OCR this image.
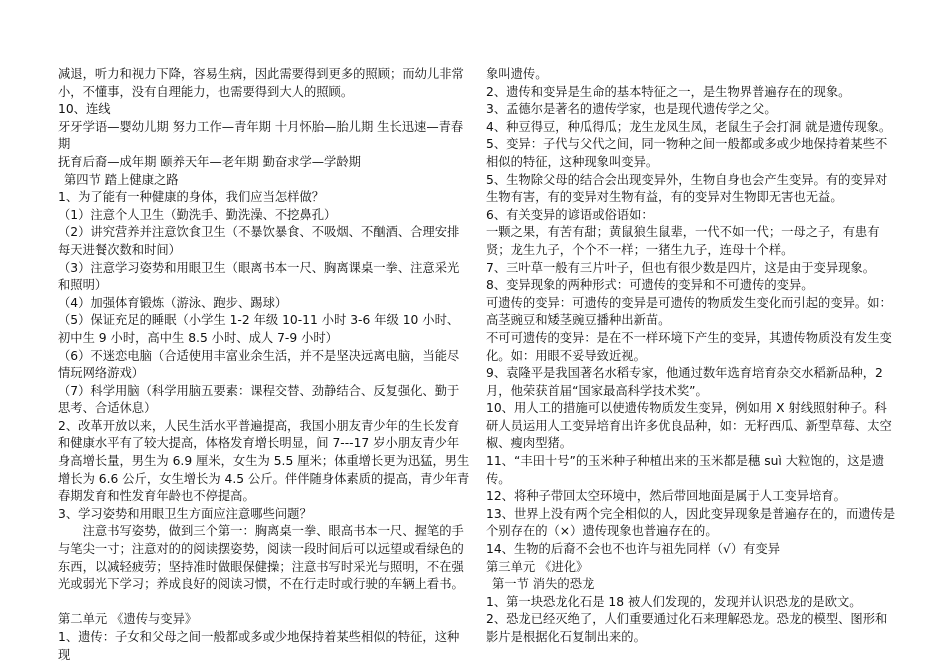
减退，听力和视力下降，容易生病，因此需要得到更多的照顾；而幼儿非常小，不懂事，没有自理能力，也需要得到大人的照顾。

10、连线

牙牙学语—婴幼儿期 努力工作—青年期 十月怀胎—胎儿期 生长迅速—青春期

抚育后裔—成年期 颐养天年—老年期 勤奋求学—学龄期

第四节 踏上健康之路

1、为了能有一种健康的身体，我们应当怎样做？

（1）注意个人卫生（勤洗手、勤洗澡、不挖鼻孔）

（2）讲究营养并注意饮食卫生（不暴饮暴食、不吸烟、不酗酒、合理安排每天进餐次数和时间）

（3）注意学习姿势和用眼卫生（眼离书本一尺、胸离课桌一拳、注意采光和照明）

（4）加强体育锻炼（游泳、跑步、踢球）

（5）保证充足的睡眠（小学生 1-2 年级 10-11 小时 3-6 年级 10 小时、初中生 9 小时，高中生 8.5 小时、成人 7-9 小时）

（6）不迷恋电脑（合适使用丰富业余生活，并不是坚决远离电脑，当能尽情玩网络游戏）

（7）科学用脑（科学用脑五要素：课程交替、劲静结合、反复强化、勤于思考、合适休息）

2、改革开放以来，人民生活水平普遍提高，我国小朋友青少年的生长发育和健康水平有了较大提高，体格发育增长明显，间 7---17 岁小朋友青少年身高增长量，男生为 6.9 厘米，女生为 5.5 厘米；体重增长更为迅猛，男生增长为 6.6 公斤，女生增长为 4.5 公斤。伴伴随身体素质的提高，青少年青春期发育和性发育年龄也不停提高。

3、学习姿势和用眼卫生方面应注意哪些问题？

注意书写姿势，做到三个第一：胸离桌一拳、眼高书本一尺、握笔的手与笔尖一寸；注意对的的阅读摆姿势，阅读一段时间后可以远望或看绿色的东西，以减轻疲劳；坚持准时做眼保健操；注意书写时采光与照明，不在强光或弱光下学习；养成良好的阅读习惯，不在行走时或行驶的车辆上看书。

第二单元 《遗传与变异》

1、遗传：子女和父母之间一般都或多或少地保持着某些相似的特征，这种现

象叫遗传。

2、遗传和变异是生命的基本特征之一，是生物界普遍存在的现象。

3、孟德尔是著名的遗传学家，也是现代遗传学之父。

4、种豆得豆，种瓜得瓜；龙生龙凤生凤，老鼠生子会打洞 就是遗传现象。

5、变异：子代与父代之间，同一物种之间一般都或多或少地保持着某些不相似的特征，这种现象叫变异。

5、生物除父母的结合会出现变异外，生物自身也会产生变异。有的变异对生物有害，有的变异对生物有益，有的变异对生物即无害也无益。

6、有关变异的谚语或俗语如：

一颗之果，有苦有甜；黄鼠狼生鼠辈，一代不如一代；一母之子，有患有贤；龙生九子，个个不一样；一猪生九子，连母十个样。

7、三叶草一般有三片叶子，但也有很少数是四片，这是由于变异现象。

8、变异现象的两种形式：可遗传的变异和不可遗传的变异。

可遗传的变异：可遗传的变异是可遗传的物质发生变化而引起的变异。如：高茎豌豆和矮茎豌豆播种出新苗。

不可可遗传的变异：是在不一样环境下产生的变异，其遗传物质没有发生变化。如：用眼不妥导致近视。

9、袁隆平是我国著名水稻专家，他通过数年选育培育杂交水稻新品种，2月，他荣获首届“国家最高科学技术奖”。

10、用人工的措施可以使遗传物质发生变异，例如用 X 射线照射种子。科研人员运用人工变异培育出许多优良品种，如：无籽西瓜、新型草莓、太空椒、瘦肉型猪。

11、“丰田十号”的玉米种子种植出来的玉米都是穗 suì 大粒饱的，这是遗传。

12、将种子带回太空环境中，然后带回地面是属于人工变异培育。

13、世界上没有两个完全相似的人，因此变异现象是普遍存在的，而遗传是个别存在的（×）遗传现象也普遍存在的。

14、生物的后裔不会也不也许与祖先同样（√）有变异

第三单元 《进化》

第一节 消失的恐龙

1、第一块恐龙化石是 18 被人们发现的，发现并认识恐龙的是欧文。

2、恐龙已经灭绝了，人们重要通过化石来理解恐龙。恐龙的模型、图形和影片是根据化石复制出来的。
